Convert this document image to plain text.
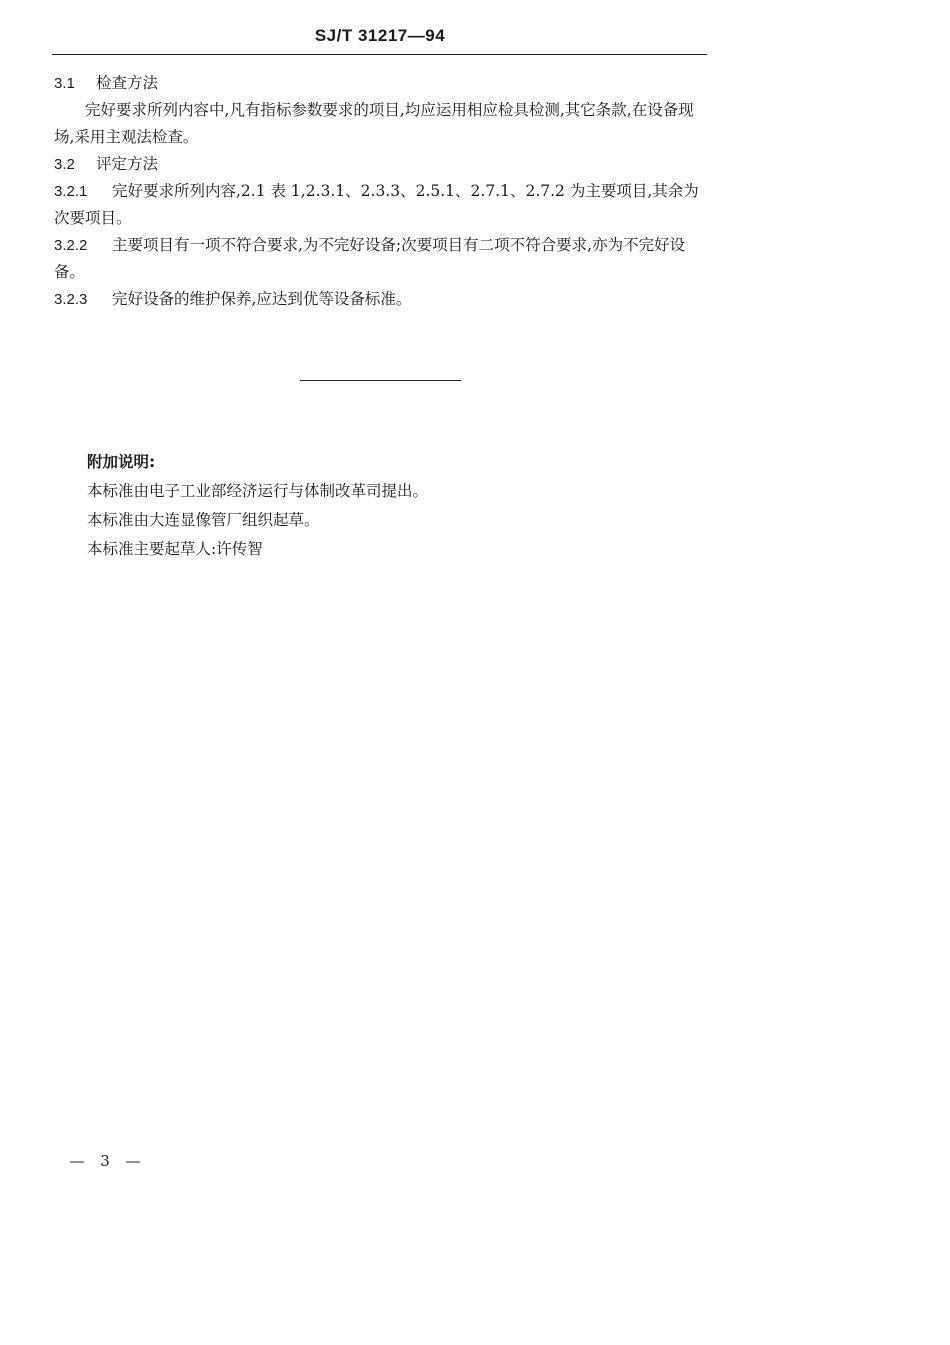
SJ/T 31217—94

3.1 检查方法

完好要求所列内容中,凡有指标参数要求的项目,均应运用相应检具检测,其它条款,在设备现场,采用主观法检查。

3.2 评定方法

3.2.1 完好要求所列内容,2.1 表 1,2.3.1、2.3.3、2.5.1、2.7.1、2.7.2 为主要项目,其余为次要项目。

3.2.2 主要项目有一项不符合要求,为不完好设备;次要项目有二项不符合要求,亦为不完好设备。

3.2.3 完好设备的维护保养,应达到优等设备标准。

附加说明:
本标准由电子工业部经济运行与体制改革司提出。
本标准由大连显像管厂组织起草。
本标准主要起草人:许传智
— 3 —
